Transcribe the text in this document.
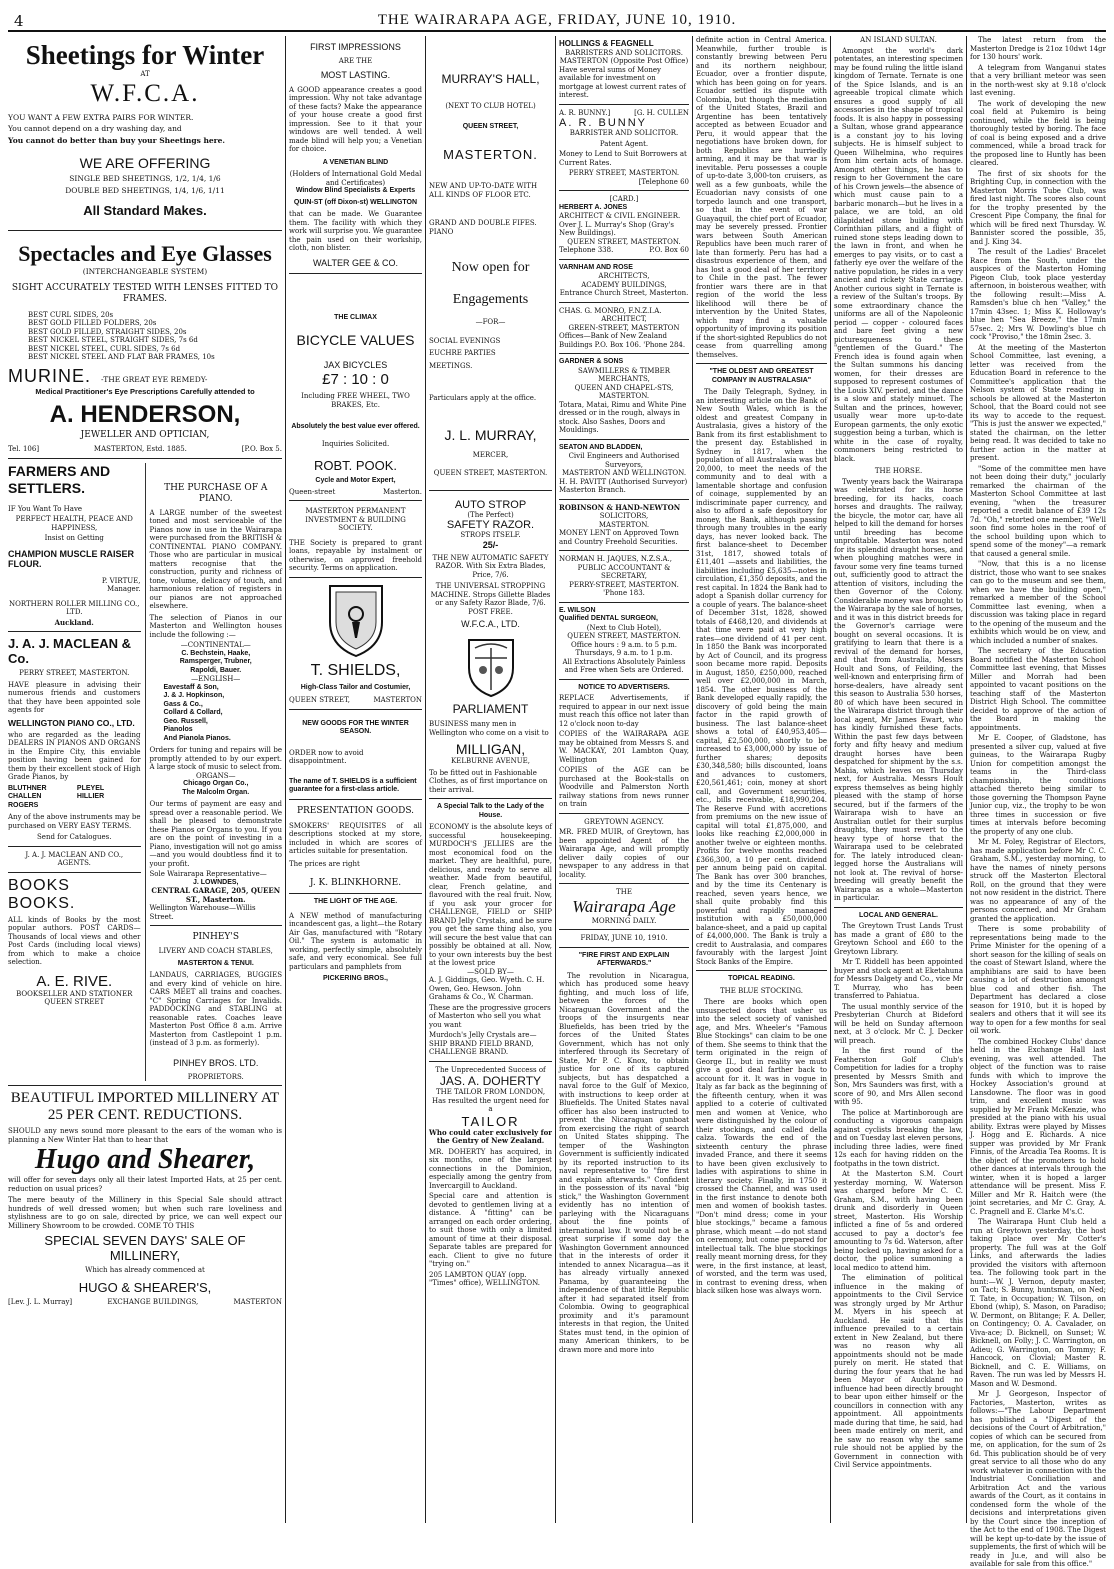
4	THE WAIRARAPA AGE, FRIDAY, JUNE 10, 1910.
Sheetings for Winter
AT
W.F.C.A.
YOU WANT A FEW EXTRA PAIRS FOR WINTER.
You cannot depend on a dry washing day, and
You cannot do better than buy your Sheetings here.
WE ARE OFFERING
SINGLE BED SHEETINGS, 1/2, 1/4, 1/6
DOUBLE BED SHEETINGS, 1/4, 1/6, 1/11
All Standard Makes.
Spectacles and Eye Glasses
(INTERCHANGEABLE SYSTEM)
SIGHT ACCURATELY TESTED WITH LENSES FITTED TO FRAMES.
BEST CURL SIDES, 20s
BEST GOLD FILLED FOLDERS, 20s
BEST GOLD FILLED, STRAIGHT SIDES, 20s
BEST NICKEL STEEL, STRAIGHT SIDES, 7s 6d
BEST NICKEL STEEL, CURL SIDES, 7s 6d
BEST NICKEL STEEL AND FLAT BAR FRAMES, 10s
MURINE. -THE GREAT EYE REMEDY-
Medical Practitioner's Eye Prescriptions Carefully attended to
A. HENDERSON,
JEWELLER AND OPTICIAN,
Tel. 106]	MASTERTON, Estd. 1885.	[P.O. Box 5.
FARMERS AND SETTLERS.
IF You Want To Have
PERFECT HEALTH, PEACE AND HAPPINESS,
Insist on Getting
CHAMPION MUSCLE RAISER FLOUR.
P. VIRTUE,
Manager.
NORTHERN ROLLER MILLING CO., LTD.
Auckland.
J. A. J. MACLEAN & Co.
PERRY STREET, MASTERTON.
HAVE pleasure in advising their numerous friends and customers that they have been appointed sole agents for
WELLINGTON PIANO CO., LTD.
who are regarded as the leading DEALERS IN PIANOS AND ORGANS in the Empire City, this enviable position having been gained for them by their excellent stock of High Grade Pianos, by
BLUTHNER	PLEYEL
CHALLEN	HILLIER
ROGERS
Any of the above instruments may be purchased on VERY EASY TERMS.
Send for Catalogues.
J. A. J. MACLEAN AND CO., AGENTS.
BOOKS BOOKS.
ALL kinds of Books by the most popular authors. POST CARDS—Thousands of local views and other Post Cards (including local views) from which to make a choice selection.
A. E. RIVE.
BOOKSELLER AND STATIONER QUEEN STREET
THE PURCHASE OF A PIANO.
A LARGE number of the sweetest toned and most serviceable of the Pianos now in use in the Wairarapa were purchased from the BRITISH & CONTINENTAL PIANO COMPANY. Those who are particular in musical matters recognise that the construction, purity and richness of tone, volume, delicacy of touch, and harmonious relation of registers in our pianos are not approached elsewhere.
The selection of Pianos in our Masterton and Wellington houses include the following :—
—CONTINENTAL—
C. Bechstein, Haake,
Ramsperger, Trubner,
Rapoldi, Bauer.
—ENGLISH—
Eavestaff & Son,
J. & J. Hopkinson,
Gass & Co.,
Collard & Collard,
Geo. Russell,
Pianolos
And Pianola Pianos.
Orders for tuning and repairs will be promptly attended to by our expert. A large stock of music to select from.
ORGANS—
Chicago Organ Co.,
The Malcolm Organ.
Our terms of payment are easy and spread over a reasonable period. We shall be pleased to demonstrate these Pianos or Organs to you. If you are on the point of investing in a Piano, investigation will not go amiss—and you would doubtless find it to your profit.
Sole Wairarapa Representative—
J. LOWNDES,
CENTRAL GARAGE, 205, QUEEN ST., Masterton.
Wellington Warehouse—Willis Street.
PINHEY'S
LIVERY AND COACH STABLES,
MASTERTON & TENUI.
LANDAUS, CARRIAGES, BUGGIES and every kind of vehicle on hire. CARS MEET all trains and coaches. "C" Spring Carriages for Invalids. PADDOCKING and STABLING at reasonable rates. Coaches leave Masterton Post Office 8 a.m. Arrive Masterton from Castlepoint 1 p.m. (instead of 3 p.m. as formerly).
PINHEY BROS. LTD.
PROPRIETORS.
BEAUTIFUL IMPORTED MILLINERY AT 25 PER CENT. REDUCTIONS.
SHOULD any news sound more pleasant to the ears of the woman who is planning a New Winter Hat than to hear that
Hugo and Shearer,
will offer for seven days only all their latest Imported Hats, at 25 per cent. reduction on usual prices?
The mere beauty of the Millinery in this Special Sale should attract hundreds of well dressed women; but when such rare loveliness and stylishness are to go on sale, directed by price, we can well expect our Millinery Showroom to be crowded. COME TO THIS
SPECIAL SEVEN DAYS' SALE OF MILLINERY,
Which has already commenced at
HUGO & SHEARER'S,
[Lev. J. L. Murray]	EXCHANGE BUILDINGS,	MASTERTON
FIRST IMPRESSIONS
ARE THE
MOST LASTING.
A GOOD appearance creates a good impression. Why not take advantage of these facts? Make the appearance of your house create a good first impression. See to it that your windows are well tended. A well made blind will help you; a Venetian for choice.
A VENETIAN BLIND
(Holders of International Gold Medal and Certificates)
Window Blind Specialists & Experts
QUIN-ST (off Dixon-st) WELLINGTON
that can be made. We Guarantee them. The facility with which they work will surprise you. We guarantee the pain used on their workship, cloth, non blister.
WALTER GEE & CO.
THE CLIMAX
BICYCLE VALUES
JAX BICYCLES
£7 : 10 : 0
Including FREE WHEEL, TWO BRAKES, Etc.
Absolutely the best value ever offered.
Inquiries Solicited.
ROBT. POOK.
Cycle and Motor Expert,
Queen-street	Masterton.
MASTERTON PERMANENT INVESTMENT & BUILDING SOCIETY.
THE Society is prepared to grant loans, repayable by instalment or otherwise, on approved freehold security. Terms on application.
T. SHIELDS,
High-Class Tailor and Costumier,
QUEEN STREET,	MASTERTON
NEW GOODS FOR THE WINTER SEASON.
ORDER now to avoid disappointment.
The name of T. SHIELDS is a sufficient guarantee for a first-class article.
PRESENTATION GOODS.
SMOKERS' REQUISITES of all descriptions stocked at my store, included in which are scores of articles suitable for presentation.
The prices are right
J. K. BLINKHORNE.
THE LIGHT OF THE AGE.
A NEW method of manufacturing incandescent gas, a light—the Rotary Air Gas, manufactured with "Rotary Oil." The system is automatic in working, perfectly simple, absolutely safe, and very economical. See full particulars and pamphlets from
PICKERING BROS.,
MURRAY'S HALL,
(NEXT TO CLUB HOTEL)
QUEEN STREET,
MASTERTON.
NEW AND UP-TO-DATE WITH ALL KINDS OF FLOOR ETC.
GRAND AND DOUBLE FIFES. PIANO
Now open for
Engagements
—FOR—
SOCIAL EVENINGS
EUCHRE PARTIES
MEETINGS.
Particulars apply at the office.
J. L. MURRAY,
MERCER,
QUEEN STREET, MASTERTON.
AUTO STROP
(The Perfect)
SAFETY RAZOR.
STROPS ITSELF.
25/-
THE NEW AUTOMATIC SAFETY RAZOR. With Six Extra Blades, Price, 7/6.
THE UNIVERSAL STROPPING MACHINE. Strops Gillette Blades or any Safety Razor Blade, 7/6. POST FREE.
W.F.C.A., LTD.
PARLIAMENT
BUSINESS many men in Wellington who come on a visit to
MILLIGAN,
KELBURNE AVENUE,
To be fitted out in Fashionable Clothes, as of first importance on their arrival.
A Special Talk to the Lady of the House.
ECONOMY is the absolute keys of successful housekeeping. MURDOCH'S JELLIES are the most economical food on the market. They are healthful, pure, delicious, and ready to serve all weather. Made from beautiful, clear, French gelatine, and flavoured with the real fruit. Now, if you ask your grocer for CHALLENGE, FIELD or SHIP BRAND Jelly Crystals, and be sure you get the same thing also, you will secure the best value that can possibly be obtained at all. Now, to your own interests buy the best at the lowest price
—SOLD BY—
A. J. Giddings, Geo. Wyeth. C. H. Owen, Geo. Hewson. John Grahams & Co., W. Charman.
These are the progressive grocers of Masterton who sell you what you want
Murdoch's Jelly Crystals are—SHIP BRAND FIELD BRAND, CHALLENGE BRAND.
The Unprecedented Success of
JAS. A. DOHERTY
THE TAILOR FROM LONDON,
Has resulted the urgent need for a
TAILOR
Who could cater exclusively for the Gentry of New Zealand.
MR. DOHERTY has acquired, in six months, one of the largest connections in the Dominion, especially among the gentry from Invercargill to Auckland.
Special care and attention is devoted to gentlemen living at a distance. A "fitting" can be arranged on each order ordering, to suit those with only a limited amount of time at their disposal. Separate tables are prepared for each. Client to give no future "trying on."
205 LAMBTON QUAY (opp. "Times" office), WELLINGTON.
HOLLINGS & FEAGNELL
BARRISTERS AND SOLICITORS.
MASTERTON (Opposite Post Office)
Have several sums of Money available for investment on mortgage at lowest current rates of interest.
A. R. BUNNY.]	[G. H. CULLEN
A. R. BUNNY
BARRISTER AND SOLICITOR.
Patent Agent.
Money to Lend to Suit Borrowers at Current Rates.
PERRY STREET, MASTERTON.
[Telephone 60
[CARD.]
HERBERT A. JONES
ARCHITECT & CIVIL ENGINEER.
Over J. L. Murray's Shop (Gray's New Buildings).
QUEEN STREET, MASTERTON.
Telephone 338.	P.O. Box 60
VARNHAM AND ROSE
ARCHITECTS,
ACADEMY BUILDINGS,
Entrance Church Street, Masterton.
CHAS. G. MONRO, F.N.Z.I.A.
ARCHITECT,
GREEN-STREET, MASTERTON
Offices—Bank of New Zealand Buildings P.O. Box 106. 'Phone 284.
GARDNER & SONS
SAWMILLERS & TIMBER MERCHANTS,
QUEEN AND CHAPEL-STS, MASTERTON.
Totara, Matai, Rimu and White Pine dressed or in the rough, always in stock. Also Sashes, Doors and Mouldings.
SEATON AND BLADDEN,
Civil Engineers and Authorised Surveyors,
MASTERTON AND WELLINGTON.
H. H. PAVITT (Authorised Surveyor) Masterton Branch.
ROBINSON & HAND-NEWTON
SOLICITORS,
MASTERTON.
MONEY LENT on Approved Town and Country Freehold Securities.
NORMAN H. JAQUES, N.Z.S.A.,
PUBLIC ACCOUNTANT & SECRETARY,
PERRY-STREET, MASTERTON.
'Phone 183.
E. WILSON
Qualified DENTAL SURGEON,
(Next to Club Hotel),
QUEEN STREET, MASTERTON.
Office hours : 9 a.m. to 5 p.m. Thursdays, 9 a.m. to 1 p.m.
All Extractions Absolutely Painless and Free when Sets are Ordered.
NOTICE TO ADVERTISERS.
REPLACE Advertisements, if required to appear in our next issue must reach this office not later than 12 o'clock noon to-day
COPIES of the WAIRARAPA AGE may be obtained from Messrs S. and W. MACKAY, 201 Lambton Quay, Wellington
COPIES of the AGE can be purchased at the Book-stalls on Woodville and Palmerston North railway stations from news runner on train
GREYTOWN AGENCY.
MR. FRED MUIR, of Greytown, has been appointed Agent of the Wairarapa Age, and will promptly deliver daily copies of our newspaper to any address in that locality.
THE
Wairarapa Age
MORNING DAILY.
FRIDAY, JUNE 10, 1910.
"FIRE FIRST AND EXPLAIN AFTERWARDS."
The revolution in Nicaragua, which has produced some heavy fighting, and much loss of life, between the forces of the Nicaraguan Government and the troops of the insurgents near Bluefields, has been tried by the forces of the United States Government, which has not only interfered through its Secretary of State, Mr P. C. Knox, to obtain justice for one of its captured subjects, but has despatched a naval force to the Gulf of Mexico, with instructions to keep order at Bluefields. The United States naval officer has also been instructed to prevent the Nicaraguan gunboat from exercising the right of search on United States shipping. The temper of the Washington Government is sufficiently indicated by its reported instruction to its naval representative to "fire first and explain afterwards." Confident in the possession of its naval "big stick," the Washington Government evidently has no intention of parleying with the Nicaraguans about the fine points of international law. It would not be a great surprise if some day the Washington Government announced that in the interests of order it intended to annex Nicaragua—as it has already virtually annexed Panama, by guaranteeing the independence of that little Republic after it had separated itself from Colombia. Owing to geographical proximity and it's paramount interests in that region, the United States must tend, in the opinion of many American thinkers, to be drawn more and more into
definite action in Central America. Meanwhile, further trouble is constantly brewing between Peru and its northern neighbour, Ecuador, over a frontier dispute, which has been going on for years. Ecuador settled its dispute with Colombia, but though the mediation of the United States, Brazil and Argentine has been tentatively accepted as between Ecuador and Peru, it would appear that the negotiations have broken down, for both Republics are hurriedly arming, and it may be that war is inevitable. Peru possesses a couple of up-to-date 3,000-ton cruisers, as well as a few gunboats, while the Ecuadorian navy consists of one torpedo launch and one transport, so that in the event of war Guayaquil, the chief port of Ecuador, may be severely pressed. Frontier wars between South American Republics have been much rarer of late than formerly. Peru has had a disastrous experience of them, and has lost a good deal of her territory to Chile in the past. The fewer frontier wars there are in that region of the world the less likelihood will there be of intervention by the United States, which may find a valuable opportunity of improving its position if the short-sighted Republics do not cease from quarrelling among themselves.
"THE OLDEST AND GREATEST COMPANY IN AUSTRALASIA"
The Daily Telegraph, Sydney, in an interesting article on the Bank of New South Wales, which is the oldest and greatest Company in Australasia, gives a history of the Bank from its first establishment to the present day. Established in Sydney in 1817, when the population of all Australasia was but 20,000, to meet the needs of the community and to deal with a lamentable shortage and confusion of coinage, supplemented by an indiscriminate paper currency, and also to afford a safe depository for money, the Bank, although passing through many troubles in the early days, has never looked back. The first balance-sheet to December 31st, 1817, showed totals of £11,401 —assets and liabilities, the liabilities including £5,635—notes in circulation, £1,350 deposits, and the rest capital. In 1824 the Bank had to adopt a Spanish dollar currency for a couple of years. The balance-sheet of December 31st, 1828, showed totals of £468,120, and dividends at that time were paid at very high rates—one dividend of 41 per cent. In 1850 the Bank was incorporated by Act of Council, and its progress soon became more rapid. Deposits in August, 1850, £250,000, reached well over £2,000,000 in March, 1854. The other business of the Bank developed equally rapidly, the discovery of gold being the main factor in the rapid growth of business. The last balance-sheet shows a total of £40,953,405—capital, £2,500,000, shortly to be increased to £3,000,000 by issue of further shares; deposits £30,348,580; bills discounted, loans and advances to customers, £20,561,461; coin, money at short call, and Government securities, etc., bills receivable, £18,990,204. The Reserve Fund with accretions from premiums on the new issue of capital will total £1,875,000, and looks like reaching £2,000,000 in another twelve or eighteen months. Profits for twelve months reached £366,300, a 10 per cent. dividend per annum being paid on capital. The Bank has over 300 branches, and by the time its Centenary is reached, seven years hence, we shall quite probably find this powerful and rapidly managed institution with a £50,000,000 balance-sheet, and a paid up capital of £4,000,000. The Bank is truly a credit to Australasia, and compares favourably with the largest Joint Stock Banks of the Empire.
TOPICAL READING.
THE BLUE STOCKING.
There are books which open unsuspected doors that usher us into the select society of vanished age, and Mrs. Wheeler's "Famous Blue Stockings" can claim to be one of them. She seems to think that the term originated in the reign of George II., but in reality we must give a good deal farther back to account for it. It was in vogue in Italy as far back as the beginning of the fifteenth century, when it was applied to a coterie of cultivated men and women at Venice, who were distinguished by the colour of their stockings, and called della calza. Towards the end of the sixteenth century the phrase invaded France, and there it seems to have been given exclusively to ladies with aspirations to shine in literary society. Finally, in 1750 it crossed the Channel, and was used in the first instance to denote both men and women of bookish tastes. "Don't mind dress; come in your blue stockings," became a famous phrase, which meant —do not stand on ceremony, but come prepared for intellectual talk. The blue stockings really meant morning dress, for they were, in the first instance, at least, of worsted, and the term was used, in contrast to evening dress, when black silken hose was always worn.
AN ISLAND SULTAN.
Amongst the world's dark potentates, an interesting specimen may be found ruling the little island kingdom of Ternate. Ternate is one of the Spice Islands, and is an agreeable tropical climate which ensures a good supply of all accessories in the shape of tropical foods. It is also happy in possessing a Sultan, whose grand appearance is a constant joy to his loving subjects. He is himself subject to Queen Wilhelmina, who requires from him certain acts of homage. Amongst other things, he has to resign to her Government the care of his Crown jewels—the absence of which must cause pain to a barbaric monarch—but he lives in a palace, we are told, an old dilapidated stone building with Corinthian pillars, and a flight of ruined stone steps leading down to the lawn in front, and when he emerges to pay visits, or to cast a fatherly eye over the welfare of the native population, he rides in a very ancient and rickety State carriage. Another curious sight in Ternate is a review of the Sultan's troops. By some extraordinary chance the uniforms are all of the Napoleonic period — copper - coloured faces and bare feet giving a new picturesqueness to these "gentlemen of the Guard." The French idea is found again when the Sultan summons his dancing women, for their dresses are supposed to represent costumes of the Louis XIV. period, and the dance is a slow and stately minuet. The Sultan and the princes, however, usually wear more up-to-date European garments, the only exotic suggestion being a turban, which is white in the case of royalty, commoners being restricted to black.
THE HORSE.
Twenty years back the Wairarapa was celebrated for its horse breeding, for its hacks, coach horses and draughts. The railway, the bicycle, the motor car, have all helped to kill the demand for horses until breeding has become unprofitable. Masterton was noted for its splendid draught horses, and when ploughing matches were in favour some very fine teams turned out, sufficiently good to attract the attention of visitors, including the then Governor of the Colony. Considerable money was brought to the Wairarapa by the sale of horses, and it was in this district breeds for the Governor's carriage were bought on several occasions. It is gratifying to learn that there is a revival of the demand for horses, and that from Australia, Messrs Hoult and Sons, of Feilding, the well-known and enterprising firm of horse-dealers, have already sent this season to Australia 530 horses, 80 of which have been secured in the Wairarapa district through their local agent, Mr James Ewart, who has kindly furnished these facts. Within the past few days between forty and fifty heavy and medium draught horses have been despatched for shipment by the s.s. Mahia, which leaves on Thursday next, for Australia. Messrs Hoult express themselves as being highly pleased with the stamp of horse secured, but if the farmers of the Wairarapa wish to have an Australian outlet for their surplus draughts, they must revert to the heavy type of horse that the Wairarapa used to be celebrated for. The lately introduced clean-legged horse the Australians will not look at. The revival of horse-breeding will greatly benefit the Wairarapa as a whole—Masterton in particular.
LOCAL AND GENERAL.
The Greytown Trust Lands Trust has made a grant of £80 to the Greytown School and £60 to the Greytown Library.
Mr T. Riddell has been appointed buyer and stock agent at Eketahuna for Messrs Dalgety and Co., vice Mr T. Murray, who has been transferred to Pahiatua.
The usual monthly service of the Presbyterian Church at Bideford will be held on Sunday afternoon next, at 3 o'clock. Mr C. J. Decker will preach.
In the first round of the Featherston Golf Club's Competition for ladies for a trophy presented by Messrs Smith and Son, Mrs Saunders was first, with a score of 90, and Mrs Allen second with 95.
The police at Martinborough are conducting a vigorous campaign against cyclists breaking the law, and on Tuesday last eleven persons, including three ladies, were fined 12s each for having ridden on the footpaths in the town district.
At the Masterton S.M. Court yesterday morning, W. Waterson was charged before Mr C. C. Graham, S.M., with having been drunk and disorderly in Queen street, Masterton. His Worship inflicted a fine of 5s and ordered accused to pay a doctor's fee amounting to 7s 6d. Waterson, after being locked up, having asked for a doctor, the police summoning a local medico to attend him.
The elimination of political influence in the making of appointments to the Civil Service was strongly urged by Mr Arthur M. Myers in his speech at Auckland. He said that this influence prevailed to a certain extent in New Zealand, but there was no reason why all appointments should not be made purely on merit. He stated that during the four years that he had been Mayor of Auckland no influence had been directly brought to bear upon either himself or the councillors in connection with any appointment. All appointments made during that time, he said, had been made entirely on merit, and he saw no reason why the same rule should not be applied by the Government in connection with Civil Service appointments.
The latest return from the Masterton Dredge is 21oz 10dwt 14gr for 130 hours' work.
A telegram from Wanganui states that a very brilliant meteor was seen in the north-west sky at 9.18 o'clock last evening.
The work of developing the new coal field at Pukemiro is being continued, while the field is being thoroughly tested by boring. The face of coal is being exposed and a drive commenced, while a broad track for the proposed line to Huntly has been cleared.
The first of six shoots for the Brighting Cup, in connection with the Masterton Morris Tube Club, was fired last night. The scores also count for the trophy presented by the Crescent Pipe Company, the final for which will be fired next Thursday. W. Bannister scored the possible, 35, and J. King 34.
The result of the Ladies' Bracelet Race from the South, under the auspices of the Masterton Homing Pigeon Club, took place yesterday afternoon, in boisterous weather, with the following result:—Miss A. Ramsden's blue ch hen "Valley," the 17min 43sec. 1; Miss K. Holloway's blue hen "Sea Breeze," the 17min 57sec. 2; Mrs W. Dowling's blue ch cock "Proviso," the 18min 2sec. 3.
At the meeting of the Masterton School Committee, last evening, a letter was received from the Education Board in reference to the Committee's application that the Nelson system of State reading in schools be allowed at the Masterton School, that the Board could not see its way to accede to the request. "This is just the answer we expected," stated the chairman, on the letter being read. It was decided to take no further action in the matter at present.
"Some of the committee men have not been doing their duty," jocularly remarked the chairman of the Masterton School Committee at last evening, "when the treasurer reported a credit balance of £39 12s 7d. "Oh," retorted one member, "We'll soon find some holes in the roof of the school building upon which to spend some of the money"—a remark that caused a general smile.
"Now, that this is a no license district, those who want to see snakes can go to the museum and see them, when we have the building open," remarked a member of the School Committee last evening, when a discussion was taking place in regard to the opening of the museum and the exhibits which would be on view, and which included a number of snakes.
The secretary of the Education Board notified the Masterton School Committee last evening, that Misses Miller and Morrah had been appointed to vacant positions on the teaching staff of the Masterton District High School. The committee decided to approve of the action of the Board in making the appointments.
Mr E. Cooper, of Gladstone, has presented a silver cup, valued at five guineas, to the Wairarapa Rugby Union for competition amongst the teams in the Third-class championship, the conditions attached thereto being similar to those governing the Thompson Payne Junior cup, viz., the trophy to be won three times in succession or five times at intervals before becoming the property of any one club.
Mr M. Foley, Registrar of Electors, has made application before Mr C. C. Graham, S.M., yesterday morning, to have the names of ninety persons struck off the Masterton Electoral Roll, on the ground that they were not now resident in the district. There was no appearance of any of the persons concerned, and Mr Graham granted the application.
There is some probability of representations being made to the Prime Minister for the opening of a short season for the killing of seals on the coast of Stewart Island, where the amphibians are said to have been causing a lot of destruction amongst blue cod and other fish. The Department has declared a close season for 1910, but it is hoped by sealers and others that it will see its way to open for a few months for seal oil work.
The combined Hockey Clubs' dance held in the Exchange Hall last evening, was well attended. The object of the function was to raise funds with which to improve the Hockey Association's ground at Lansdowne. The floor was in good trim, and excellent music was supplied by Mr Frank McKenzie, who presided at the piano with his usual ability. Extras were played by Misses J. Hogg and E. Richards. A nice supper was provided by Mr Frank Finnis, of the Arcadia Tea Rooms. It is the object of the promoters to hold other dances at intervals through the winter, when it is hoped a larger attendance will be present. Miss F. Miller and Mr R. Haitch were (the joint secretaries, and Mr C. Gray, A. C. Pragnell and E. Clarke M's.C.
The Wairarapa Hunt Club held a run at Greytown yesterday, the host taking place over Mr Cotter's property. The full was at the Golf Links, and afterwards the ladies provided the visitors with afternoon tea. The following took part in the hunt:—W. J. Vernon, deputy master, on Tact; S. Bunny, huntsman, on Ned; T. Tate, in Occupation; W. Tilson, on Ebond (whip), S. Mason, on Paradiso; W. Dermont, on Blitange; F. A. Deller, on Contingency; O. A. Cavalader, on Viva-ace; D. Bicknell, on Sunset; W. Bicknell, on Folly; J. C. Warrington, on Adieu; G. Warrington, on Tommy; F. Hancock, on Clovial; Master R. Bicknell, and C. E. Williams, on Raven. The run was led by Messrs H. Mason and W. Desmond.
Mr J. Georgeson, Inspector of Factories, Masterton, writes as follows:—"The Labour Department has published a "Digest of the decisions of the Court of Arbitration," copies of which can be secured from me, on application, for the sum of 2s 6d. This publication should be of very great service to all those who do any work whatever in connection with the Industrial Conciliation and Arbitration Act and the various awards of the Court, as it contains in condensed form the whole of the decisions and interpretations given by the Court since the inception of the Act to the end of 1908. The Digest will be kept up-to-date by the issue of supplements, the first of which will be ready in Ju.e, and will also be available for sale from this office."
